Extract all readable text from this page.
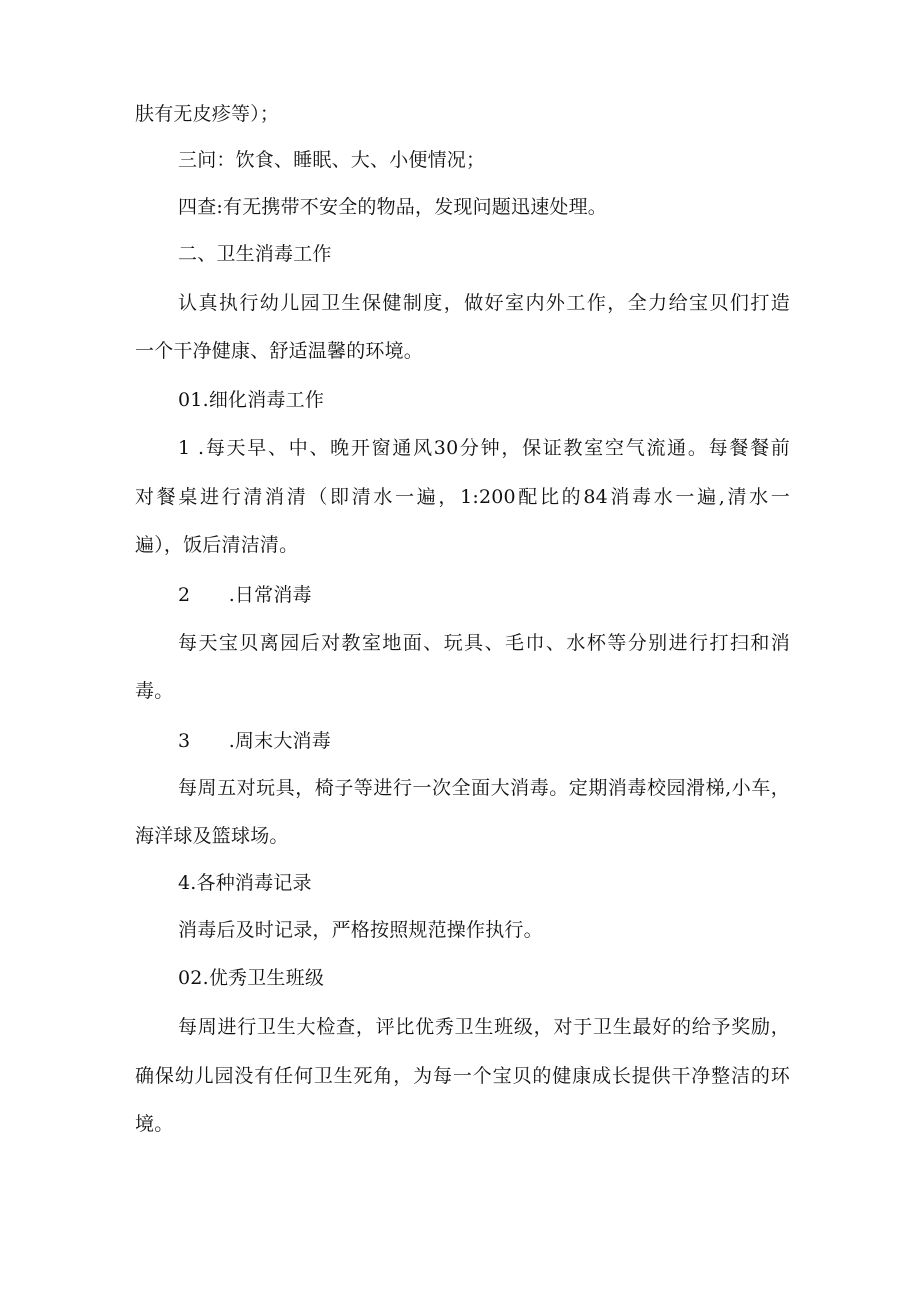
肤有无皮疹等）；
三问：饮食、睡眠、大、小便情况；
四查:有无携带不安全的物品，发现问题迅速处理。
二、卫生消毒工作
认真执行幼儿园卫生保健制度，做好室内外工作，全力给宝贝们打造
一个干净健康、舒适温馨的环境。
01.细化消毒工作
1 .每天早、中、晚开窗通风30分钟，保证教室空气流通。每餐餐前
对餐桌进行清消清（即清水一遍，1:200配比的84消毒水一遍,清水一
遍），饭后清洁清。
2　　.日常消毒
每天宝贝离园后对教室地面、玩具、毛巾、水杯等分别进行打扫和消
毒。
3　　.周末大消毒
每周五对玩具，椅子等进行一次全面大消毒。定期消毒校园滑梯,小车，
海洋球及篮球场。
4.各种消毒记录
消毒后及时记录，严格按照规范操作执行。
02.优秀卫生班级
每周进行卫生大检查，评比优秀卫生班级，对于卫生最好的给予奖励，
确保幼儿园没有任何卫生死角，为每一个宝贝的健康成长提供干净整洁的环
境。
